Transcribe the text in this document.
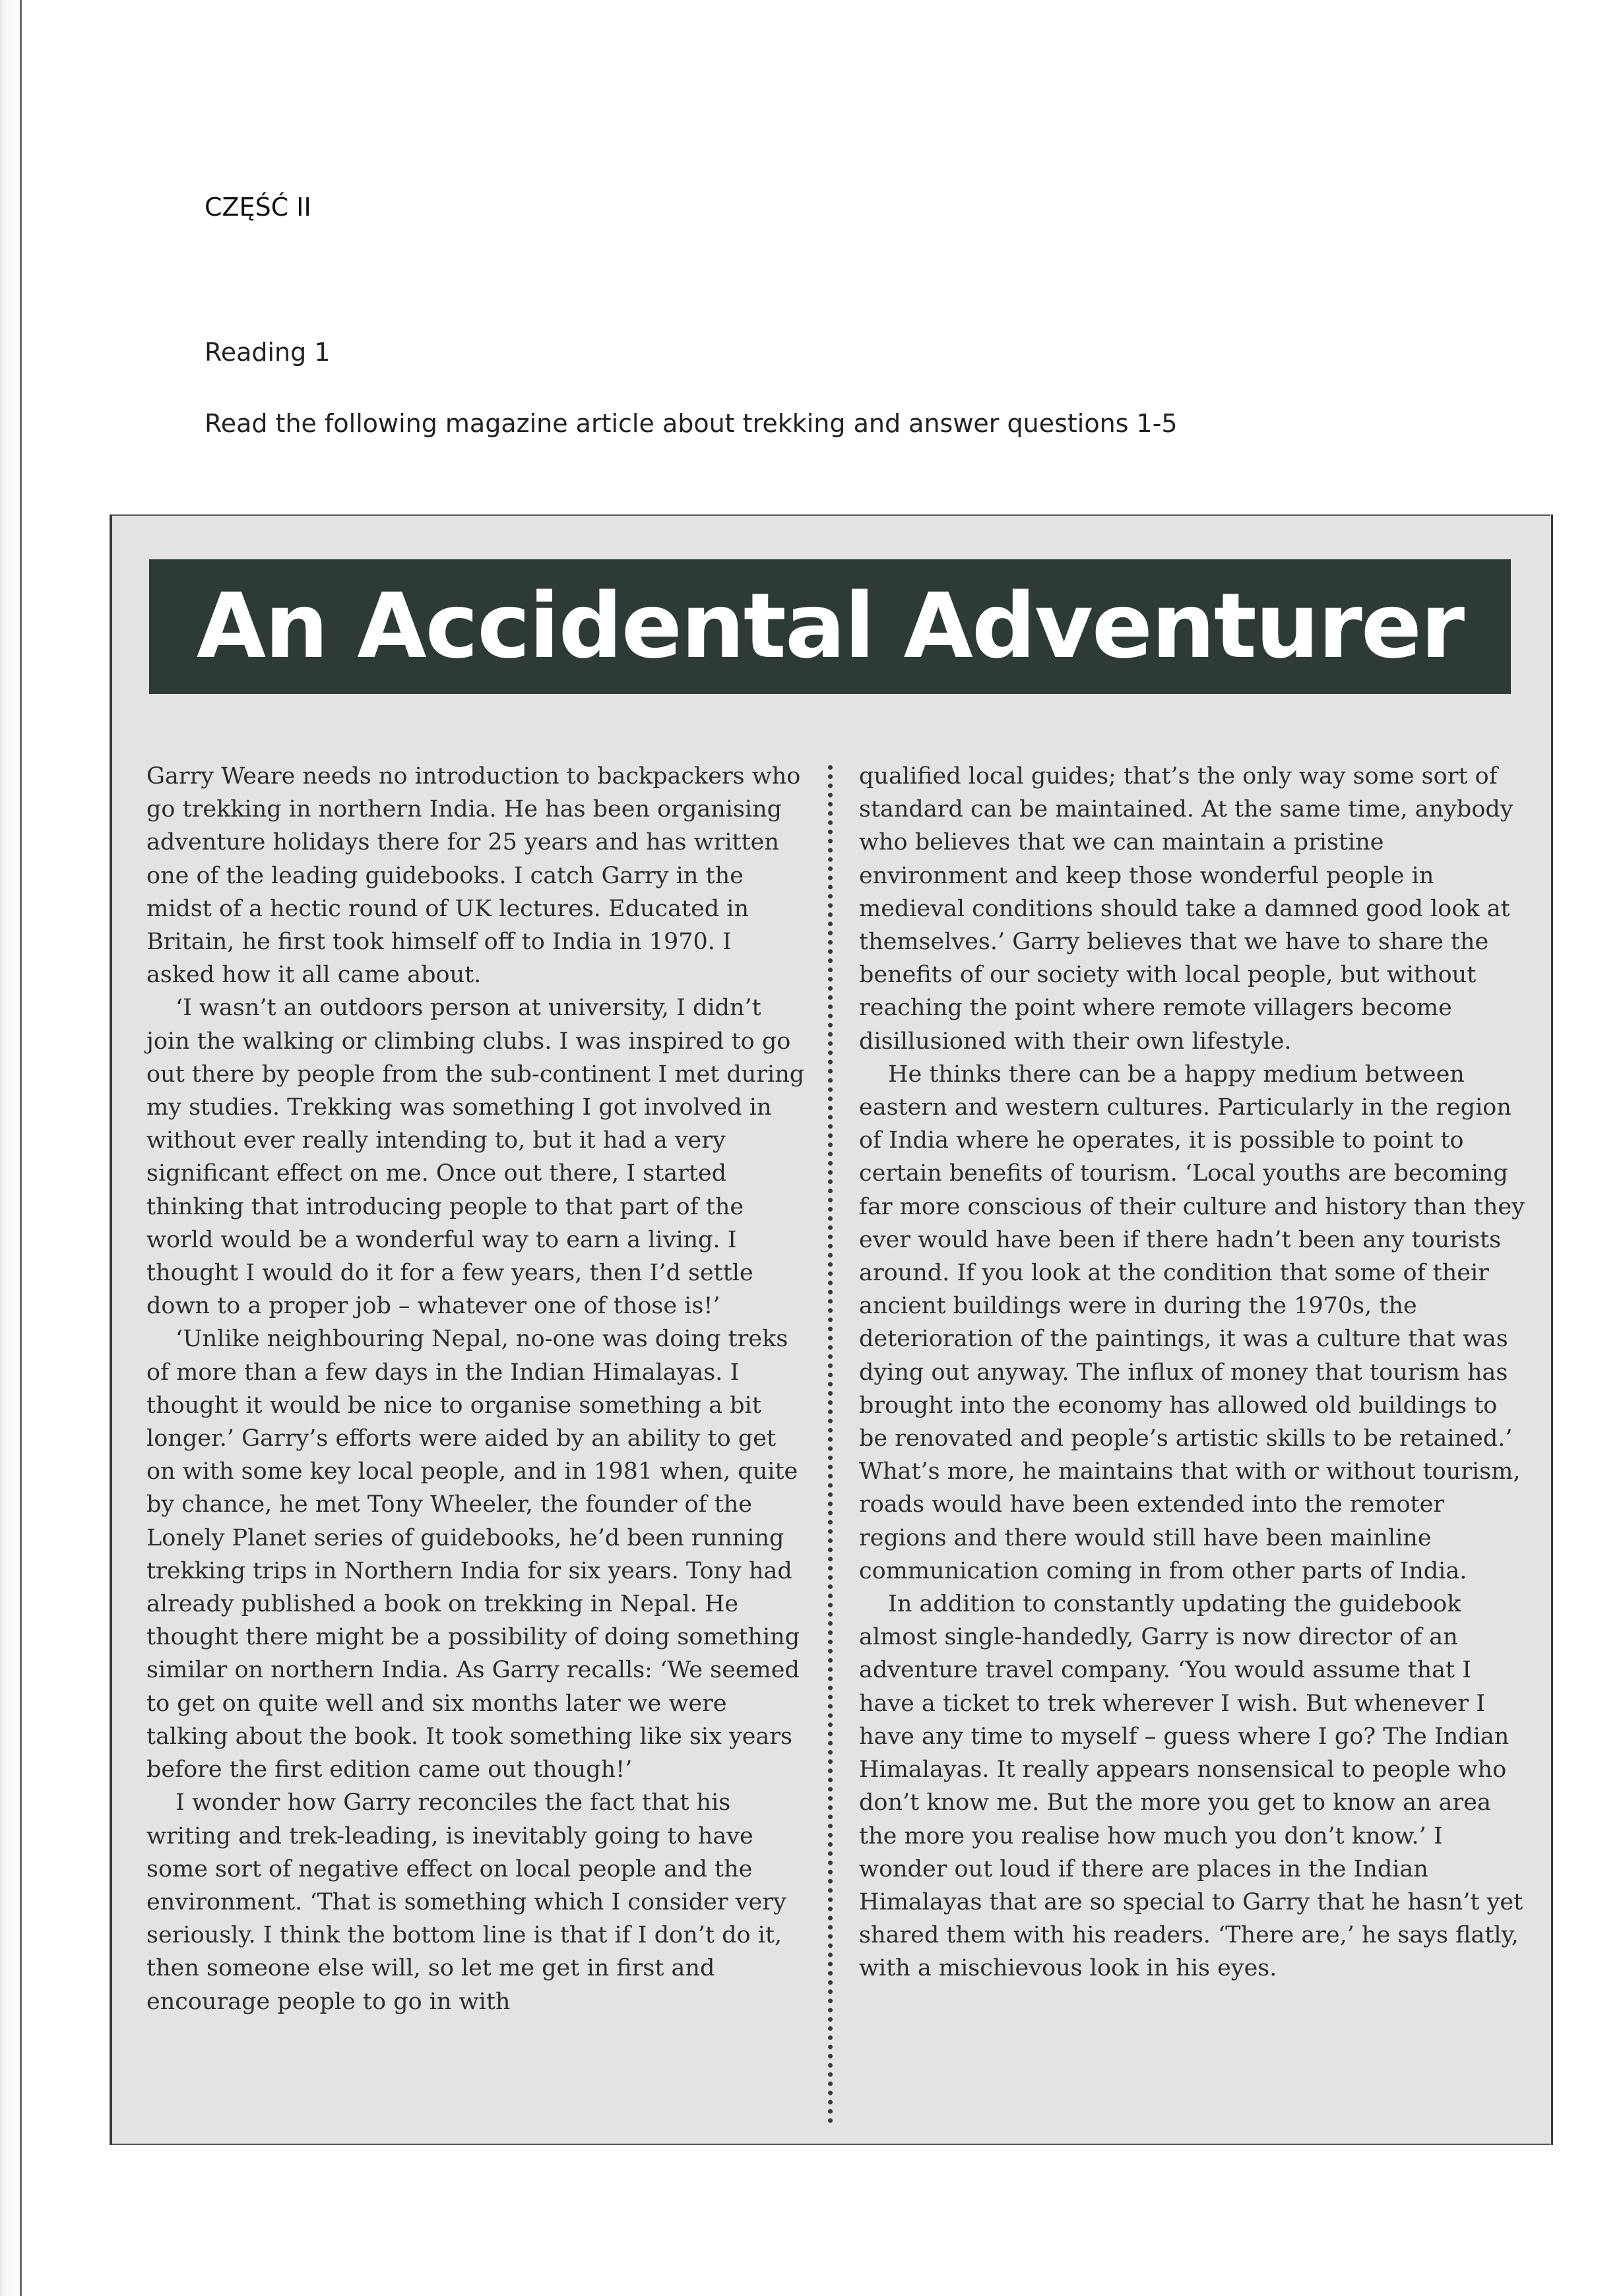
CZĘŚĆ II
Reading 1
Read the following magazine article about trekking and answer questions 1-5
An Accidental Adventurer

Garry Weare needs no introduction to backpackers who go trekking in northern India. He has been organising adventure holidays there for 25 years and has written one of the leading guidebooks. I catch Garry in the midst of a hectic round of UK lectures. Educated in Britain, he first took himself off to India in 1970. I asked how it all came about.

‘I wasn’t an outdoors person at university, I didn’t join the walking or climbing clubs. I was inspired to go out there by people from the sub-continent I met during my studies. Trekking was something I got involved in without ever really intending to, but it had a very significant effect on me. Once out there, I started thinking that introducing people to that part of the world would be a wonderful way to earn a living. I thought I would do it for a few years, then I’d settle down to a proper job – whatever one of those is!’

‘Unlike neighbouring Nepal, no-one was doing treks of more than a few days in the Indian Himalayas. I thought it would be nice to organise something a bit longer.’ Garry’s efforts were aided by an ability to get on with some key local people, and in 1981 when, quite by chance, he met Tony Wheeler, the founder of the Lonely Planet series of guidebooks, he’d been running trekking trips in Northern India for six years. Tony had already published a book on trekking in Nepal. He thought there might be a possibility of doing something similar on northern India. As Garry recalls: ‘We seemed to get on quite well and six months later we were talking about the book. It took something like six years before the first edition came out though!’

I wonder how Garry reconciles the fact that his writing and trek-leading, is inevitably going to have some sort of negative effect on local people and the environment. ‘That is something which I consider very seriously. I think the bottom line is that if I don’t do it, then someone else will, so let me get in first and encourage people to go in with

qualified local guides; that’s the only way some sort of standard can be maintained. At the same time, anybody who believes that we can maintain a pristine environment and keep those wonderful people in medieval conditions should take a damned good look at themselves.’ Garry believes that we have to share the benefits of our society with local people, but without reaching the point where remote villagers become disillusioned with their own lifestyle.

He thinks there can be a happy medium between eastern and western cultures. Particularly in the region of India where he operates, it is possible to point to certain benefits of tourism. ‘Local youths are becoming far more conscious of their culture and history than they ever would have been if there hadn’t been any tourists around. If you look at the condition that some of their ancient buildings were in during the 1970s, the deterioration of the paintings, it was a culture that was dying out anyway. The influx of money that tourism has brought into the economy has allowed old buildings to be renovated and people’s artistic skills to be retained.’ What’s more, he maintains that with or without tourism, roads would have been extended into the remoter regions and there would still have been mainline communication coming in from other parts of India.

In addition to constantly updating the guidebook almost single-handedly, Garry is now director of an adventure travel company. ‘You would assume that I have a ticket to trek wherever I wish. But whenever I have any time to myself – guess where I go? The Indian Himalayas. It really appears nonsensical to people who don’t know me. But the more you get to know an area the more you realise how much you don’t know.’ I wonder out loud if there are places in the Indian Himalayas that are so special to Garry that he hasn’t yet shared them with his readers. ‘There are,’ he says flatly, with a mischievous look in his eyes.
